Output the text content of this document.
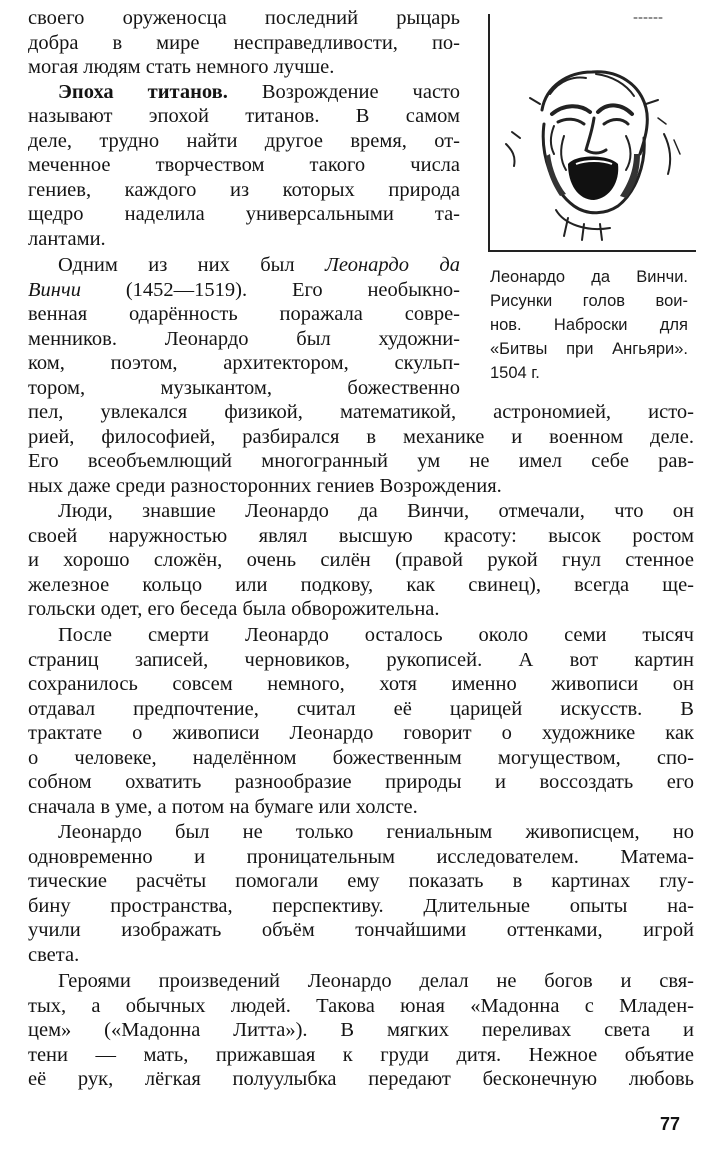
Леонардо да Винчи.
Рисунки голов вои-
нов. Наброски для
«Битвы при Ангьяри».
1504 г.
своего оруженосца последний рыцарь
добра в мире несправедливости, по-
могая людям стать немного лучше.
Эпоха титанов. Возрождение часто
называют эпохой титанов. В самом
деле, трудно найти другое время, от-
меченное творчеством такого числа
гениев, каждого из которых природа
щедро наделила универсальными та-
лантами.
Одним из них был Леонардо да
Винчи (1452—1519). Его необыкно-
венная одарённость поражала совре-
менников. Леонардо был художни-
ком, поэтом, архитектором, скульп-
тором, музыкантом, божественно
пел, увлекался физикой, математикой, астрономией, исто-
рией, философией, разбирался в механике и военном деле.
Его всеобъемлющий многогранный ум не имел себе рав-
ных даже среди разносторонних гениев Возрождения.
Люди, знавшие Леонардо да Винчи, отмечали, что он
своей наружностью являл высшую красоту: высок ростом
и хорошо сложён, очень силён (правой рукой гнул стенное
железное кольцо или подкову, как свинец), всегда ще-
гольски одет, его беседа была обворожительна.
После смерти Леонардо осталось около семи тысяч
страниц записей, черновиков, рукописей. А вот картин
сохранилось совсем немного, хотя именно живописи он
отдавал предпочтение, считал её царицей искусств. В
трактате о живописи Леонардо говорит о художнике как
о человеке, наделённом божественным могуществом, спо-
собном охватить разнообразие природы и воссоздать его
сначала в уме, а потом на бумаге или холсте.
Леонардо был не только гениальным живописцем, но
одновременно и проницательным исследователем. Матема-
тические расчёты помогали ему показать в картинах глу-
бину пространства, перспективу. Длительные опыты на-
учили изображать объём тончайшими оттенками, игрой
света.
Героями произведений Леонардо делал не богов и свя-
тых, а обычных людей. Такова юная «Мадонна с Младен-
цем» («Мадонна Литта»). В мягких переливах света и
тени — мать, прижавшая к груди дитя. Нежное объятие
её рук, лёгкая полуулыбка передают бесконечную любовь
77
